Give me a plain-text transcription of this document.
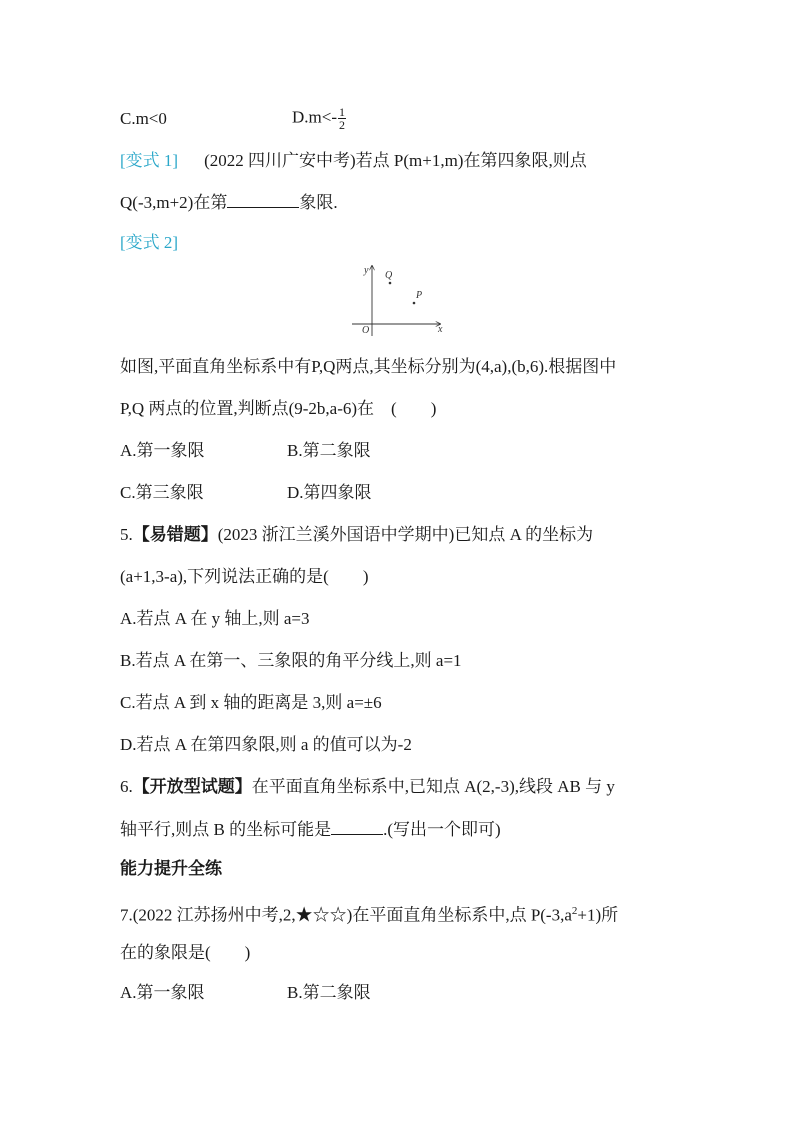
C.m<0	$D.m<- \frac{1}{2}$
[变式 1] (2022 四川广安中考)若点 P(m+1,m)在第四象限,则点
Q(-3,m+2)在第	象限.
[变式 2]
y
x
O
Q
P
如图,平面直角坐标系中有P,Q两点,其坐标分别为(4,a),(b,6).根据图中
P,Q 两点的位置,判断点(9-2b,a-6)在　(　　)
A.第一象限	B.第二象限
C.第三象限	D.第四象限
5.【易错题】(2023 浙江兰溪外国语中学期中)已知点 A 的坐标为
(a+1,3-a),下列说法正确的是(　　)
A.若点 A 在 y 轴上,则 a=3
B.若点 A 在第一、三象限的角平分线上,则 a=1
C.若点 A 到 x 轴的距离是 3,则 a=±6
D.若点 A 在第四象限,则 a 的值可以为-2
6.【开放型试题】在平面直角坐标系中,已知点 A(2,-3),线段 AB 与 y
轴平行,则点 B 的坐标可能是	.(写出一个即可)
能力提升全练
7.(2022 江苏扬州中考,2,★☆☆)在平面直角坐标系中,点 $P(-3,a^2+1)$所
在的象限是(　　)
A.第一象限	B.第二象限
